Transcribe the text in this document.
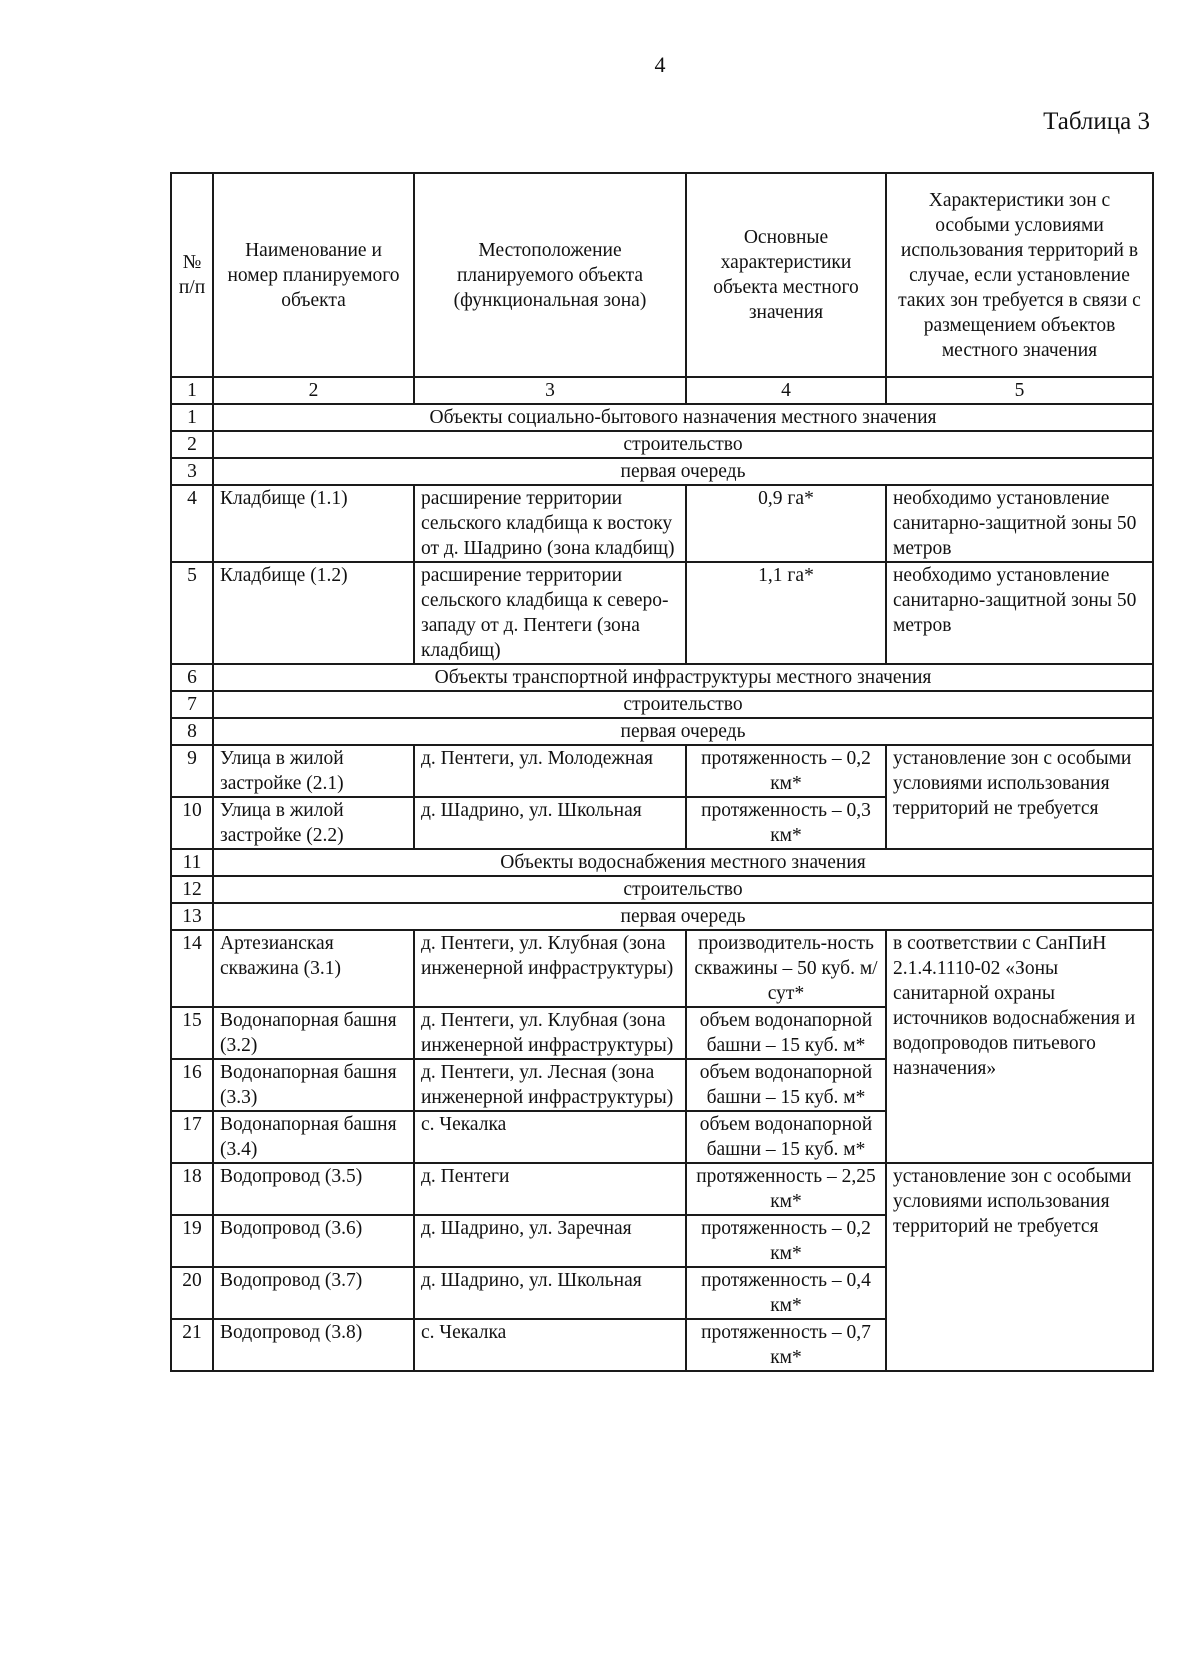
4
Таблица 3
№ п/п	Наименование и номер планируемого объекта	Местоположение планируемого объекта (функциональная зона)	Основные характеристики объекта местного значения	Характеристики зон с особыми условиями использования территорий в случае, если установление таких зон требуется в связи с размещением объектов местного значения
1	2	3	4	5
1	Объекты социально-бытового назначения местного значения			
2	строительство			
3	первая очередь			
4	Кладбище (1.1)	расширение территории сельского кладбища к востоку от д. Шадрино (зона кладбищ)	0,9 га*	необходимо установление санитарно-защитной зоны 50 метров
5	Кладбище (1.2)	расширение территории сельского кладбища к северо-западу от д. Пентеги (зона кладбищ)	1,1 га*	необходимо установление санитарно-защитной зоны 50 метров
6	Объекты транспортной инфраструктуры местного значения			
7	строительство			
8	первая очередь			
9	Улица в жилой застройке (2.1)	д. Пентеги, ул. Молодежная	протяженность – 0,2 км*	установление зон с особыми условиями использования территорий не требуется
10	Улица в жилой застройке (2.2)	д. Шадрино, ул. Школьная	протяженность – 0,3 км*	
11	Объекты водоснабжения местного значения			
12	строительство			
13	первая очередь			
14	Артезианская скважина (3.1)	д. Пентеги, ул. Клубная (зона инженерной инфраструктуры)	производитель-ность скважины – 50 куб. м/сут*	в соответствии с СанПиН 2.1.4.1110-02 «Зоны санитарной охраны источников водоснабжения и водопроводов питьевого назначения»
15	Водонапорная башня (3.2)	д. Пентеги, ул. Клубная (зона инженерной инфраструктуры)	объем водонапорной башни – 15 куб. м*	
16	Водонапорная башня (3.3)	д. Пентеги, ул. Лесная (зона инженерной инфраструктуры)	объем водонапорной башни – 15 куб. м*	
17	Водонапорная башня (3.4)	с. Чекалка	объем водонапорной башни – 15 куб. м*	
18	Водопровод (3.5)	д. Пентеги	протяженность – 2,25 км*	установление зон с особыми условиями использования территорий не требуется
19	Водопровод (3.6)	д. Шадрино, ул. Заречная	протяженность – 0,2 км*	
20	Водопровод (3.7)	д. Шадрино, ул. Школьная	протяженность – 0,4 км*	
21	Водопровод (3.8)	с. Чекалка	протяженность – 0,7 км*	
